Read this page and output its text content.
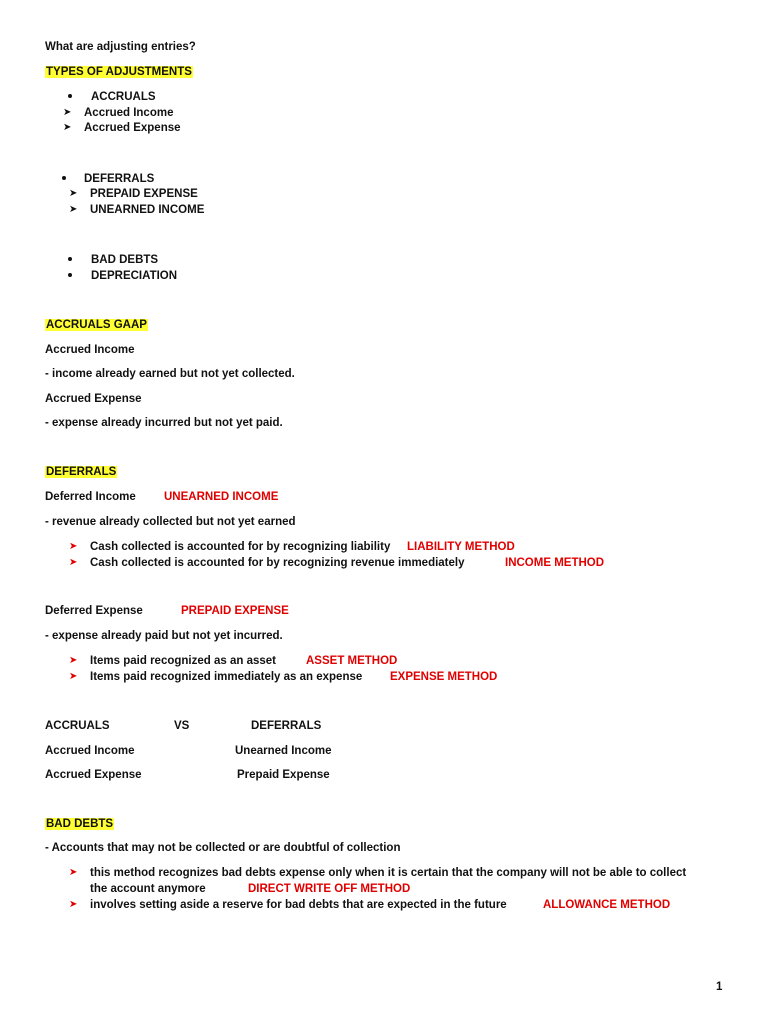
What are adjusting entries?
TYPES OF ADJUSTMENTS
ACCRUALS
➤ Accrued Income
➤ Accrued Expense
DEFERRALS
➤ PREPAID EXPENSE
➤ UNEARNED INCOME
BAD DEBTS
DEPRECIATION
ACCRUALS GAAP
Accrued Income
- income already earned but not yet collected.
Accrued Expense
- expense already incurred but not yet paid.
DEFERRALS
Deferred Income UNEARNED INCOME
- revenue already collected but not yet earned
➤ Cash collected is accounted for by recognizing liability LIABILITY METHOD
➤ Cash collected is accounted for by recognizing revenue immediately	INCOME METHOD
Deferred Expense	PREPAID EXPENSE
- expense already paid but not yet incurred.
➤ Items paid recognized as an asset	ASSET METHOD
➤ Items paid recognized immediately as an expense EXPENSE METHOD
ACCRUALS	VS	DEFERRALS
Accrued Income	Unearned Income
Accrued Expense	Prepaid Expense
BAD DEBTS
- Accounts that may not be collected or are doubtful of collection
➤ this method recognizes bad debts expense only when it is certain that the company will not be able to collect
the account anymore	DIRECT WRITE OFF METHOD
➤ involves setting aside a reserve for bad debts that are expected in the future	ALLOWANCE METHOD
1
